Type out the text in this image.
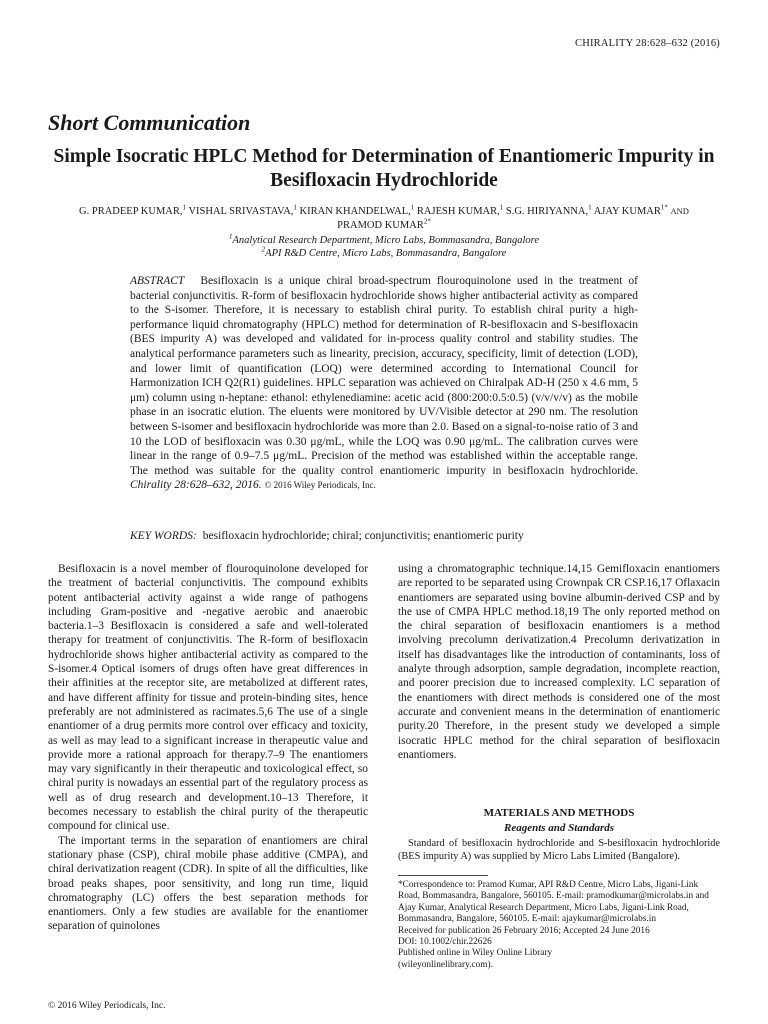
CHIRALITY 28:628–632 (2016)
Short Communication
Simple Isocratic HPLC Method for Determination of Enantiomeric Impurity in Besifloxacin Hydrochloride
G. PRADEEP KUMAR,$^1$ VISHAL SRIVASTAVA,$^1$ KIRAN KHANDELWAL,$^1$ RAJESH KUMAR,$^1$ S.G. HIRIYANNA,$^1$ AJAY $KUMAR^{1*}$ AND
PRAMOD $KUMAR^{2*}$
$^1$Analytical Research Department, Micro Labs, Bommasandra, Bangalore
$^2$API R&D Centre, Micro Labs, Bommasandra, Bangalore
ABSTRACT Besifloxacin is a unique chiral broad-spectrum flouroquinolone used in the treatment of bacterial conjunctivitis. R-form of besifloxacin hydrochloride shows higher antibacterial activity as compared to the S-isomer. Therefore, it is necessary to establish chiral purity. To establish chiral purity a high-performance liquid chromatography (HPLC) method for determination of R-besifloxacin and S-besifloxacin (BES impurity A) was developed and validated for in-process quality control and stability studies. The analytical performance parameters such as linearity, precision, accuracy, specificity, limit of detection (LOD), and lower limit of quantification (LOQ) were determined according to International Council for Harmonization ICH Q2(R1) guidelines. HPLC separation was achieved on Chiralpak AD-H (250 x 4.6 mm, 5 μm) column using n-heptane: ethanol: ethylenediamine: acetic acid (800:200:0.5:0.5) (v/v/v/v) as the mobile phase in an isocratic elution. The eluents were monitored by UV/Visible detector at 290 nm. The resolution between S-isomer and besifloxacin hydrochloride was more than 2.0. Based on a signal-to-noise ratio of 3 and 10 the LOD of besifloxacin was 0.30 μg/mL, while the LOQ was 0.90 μg/mL. The calibration curves were linear in the range of 0.9–7.5 μg/mL. Precision of the method was established within the acceptable range. The method was suitable for the quality control enantiomeric impurity in besifloxacin hydrochloride. Chirality 28:628–632, 2016. © 2016 Wiley Periodicals, Inc.
KEY WORDS: besifloxacin hydrochloride; chiral; conjunctivitis; enantiomeric purity

Besifloxacin is a novel member of flouroquinolone developed for the treatment of bacterial conjunctivitis. The compound exhibits potent antibacterial activity against a wide range of pathogens including Gram-positive and -negative aerobic and anaerobic bacteria.1–3 Besifloxacin is considered a safe and well-tolerated therapy for treatment of conjunctivitis. The R-form of besifloxacin hydrochloride shows higher antibacterial activity as compared to the S-isomer.4 Optical isomers of drugs often have great differences in their affinities at the receptor site, are metabolized at different rates, and have different affinity for tissue and protein-binding sites, hence preferably are not administered as racimates.5,6 The use of a single enantiomer of a drug permits more control over efficacy and toxicity, as well as may lead to a significant increase in therapeutic value and provide more a rational approach for therapy.7–9 The enantiomers may vary significantly in their therapeutic and toxicological effect, so chiral purity is nowadays an essential part of the regulatory process as well as of drug research and development.10–13 Therefore, it becomes necessary to establish the chiral purity of the therapeutic compound for clinical use.

The important terms in the separation of enantiomers are chiral stationary phase (CSP), chiral mobile phase additive (CMPA), and chiral derivatization reagent (CDR). In spite of all the difficulties, like broad peaks shapes, poor sensitivity, and long run time, liquid chromatography (LC) offers the best separation methods for enantiomers. Only a few studies are available for the enantiomer separation of quinolones

using a chromatographic technique.14,15 Gemifloxacin enantiomers are reported to be separated using Crownpak CR CSP.16,17 Oflaxacin enantiomers are separated using bovine albumin-derived CSP and by the use of CMPA HPLC method.18,19 The only reported method on the chiral separation of besifloxacin enantiomers is a method involving precolumn derivatization.4 Precolumn derivatization in itself has disadvantages like the introduction of contaminants, loss of analyte through adsorption, sample degradation, incomplete reaction, and poorer precision due to increased complexity. LC separation of the enantiomers with direct methods is considered one of the most accurate and convenient means in the determination of enantiomeric purity.20 Therefore, in the present study we developed a simple isocratic HPLC method for the chiral separation of besifloxacin enantiomers.

MATERIALS AND METHODS
Reagents and Standards
Standard of besifloxacin hydrochloride and S-besifloxacin hydrochloride (BES impurity A) was supplied by Micro Labs Limited (Bangalore).
*Correspondence to: Pramod Kumar, API R&D Centre, Micro Labs, Jigani-Link Road, Bommasandra, Bangalore, 560105. E-mail: pramodkumar@microlabs.in and Ajay Kumar, Analytical Research Department, Micro Labs, Jigani-Link Road, Bommasandra, Bangalore, 560105. E-mail: ajaykumar@microlabs.in
Received for publication 26 February 2016; Accepted 24 June 2016
DOI: 10.1002/chir.22626
Published online in Wiley Online Library
(wileyonlinelibrary.com).
© 2016 Wiley Periodicals, Inc.
